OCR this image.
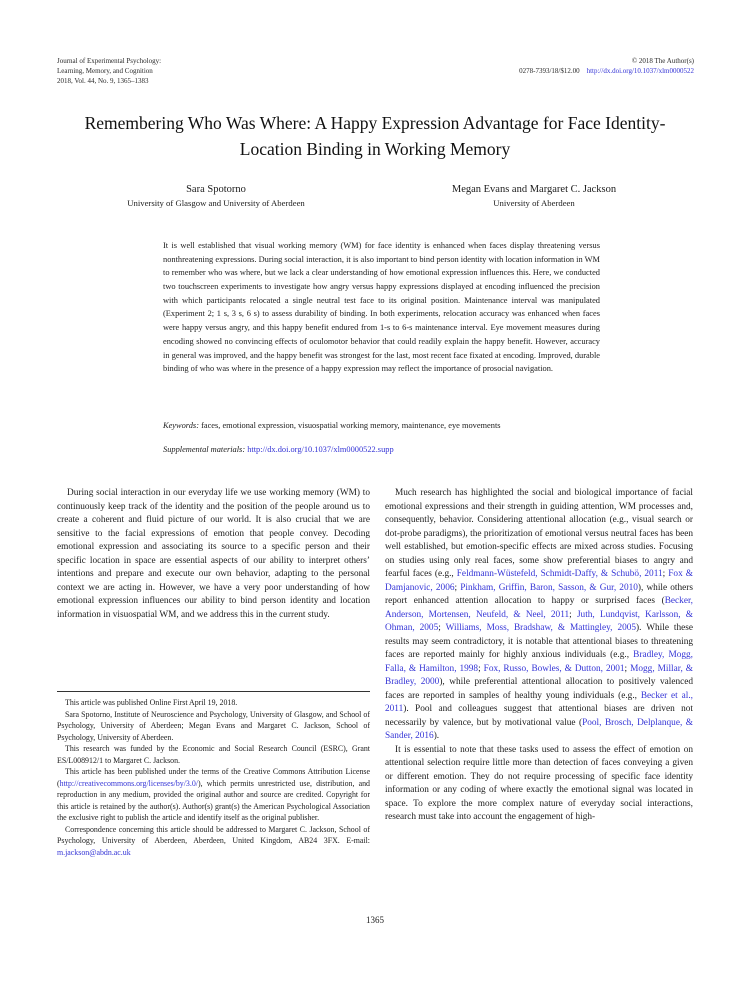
Journal of Experimental Psychology:
Learning, Memory, and Cognition
2018, Vol. 44, No. 9, 1365–1383
© 2018 The Author(s)
0278-7393/18/$12.00 http://dx.doi.org/10.1037/xlm0000522
Remembering Who Was Where: A Happy Expression Advantage for Face Identity-Location Binding in Working Memory
Sara Spotorno
University of Glasgow and University of Aberdeen
Megan Evans and Margaret C. Jackson
University of Aberdeen
It is well established that visual working memory (WM) for face identity is enhanced when faces display threatening versus nonthreatening expressions. During social interaction, it is also important to bind person identity with location information in WM to remember who was where, but we lack a clear understanding of how emotional expression influences this. Here, we conducted two touchscreen experiments to investigate how angry versus happy expressions displayed at encoding influenced the precision with which participants relocated a single neutral test face to its original position. Maintenance interval was manipulated (Experiment 2; 1 s, 3 s, 6 s) to assess durability of binding. In both experiments, relocation accuracy was enhanced when faces were happy versus angry, and this happy benefit endured from 1-s to 6-s maintenance interval. Eye movement measures during encoding showed no convincing effects of oculomotor behavior that could readily explain the happy benefit. However, accuracy in general was improved, and the happy benefit was strongest for the last, most recent face fixated at encoding. Improved, durable binding of who was where in the presence of a happy expression may reflect the importance of prosocial navigation.
Keywords: faces, emotional expression, visuospatial working memory, maintenance, eye movements
Supplemental materials: http://dx.doi.org/10.1037/xlm0000522.supp

During social interaction in our everyday life we use working memory (WM) to continuously keep track of the identity and the position of the people around us to create a coherent and fluid picture of our world. It is also crucial that we are sensitive to the facial expressions of emotion that people convey. Decoding emotional expression and associating its source to a specific person and their specific location in space are essential aspects of our ability to interpret others’ intentions and prepare and execute our own behavior, adapting to the personal context we are acting in. However, we have a very poor understanding of how emotional expression influences our ability to bind person identity and location information in visuospatial WM, and we address this in the current study.

This article was published Online First April 19, 2018.

Sara Spotorno, Institute of Neuroscience and Psychology, University of Glasgow, and School of Psychology, University of Aberdeen; Megan Evans and Margaret C. Jackson, School of Psychology, University of Aberdeen.

This research was funded by the Economic and Social Research Council (ESRC), Grant ES/L008912/1 to Margaret C. Jackson.

This article has been published under the terms of the Creative Commons Attribution License (http://creativecommons.org/licenses/by/3.0/), which permits unrestricted use, distribution, and reproduction in any medium, provided the original author and source are credited. Copyright for this article is retained by the author(s). Author(s) grant(s) the American Psychological Association the exclusive right to publish the article and identify itself as the original publisher.

Correspondence concerning this article should be addressed to Margaret C. Jackson, School of Psychology, University of Aberdeen, Aberdeen, United Kingdom, AB24 3FX. E-mail: m.jackson@abdn.ac.uk

Much research has highlighted the social and biological importance of facial emotional expressions and their strength in guiding attention, WM processes and, consequently, behavior. Considering attentional allocation (e.g., visual search or dot-probe paradigms), the prioritization of emotional versus neutral faces has been well established, but emotion-specific effects are mixed across studies. Focusing on studies using only real faces, some show preferential biases to angry and fearful faces (e.g., Feldmann-Wüstefeld, Schmidt-Daffy, & Schubö, 2011; Fox & Damjanovic, 2006; Pinkham, Griffin, Baron, Sasson, & Gur, 2010), while others report enhanced attention allocation to happy or surprised faces (Becker, Anderson, Mortensen, Neufeld, & Neel, 2011; Juth, Lundqvist, Karlsson, & Ohman, 2005; Williams, Moss, Bradshaw, & Mattingley, 2005). While these results may seem contradictory, it is notable that attentional biases to threatening faces are reported mainly for highly anxious individuals (e.g., Bradley, Mogg, Falla, & Hamilton, 1998; Fox, Russo, Bowles, & Dutton, 2001; Mogg, Millar, & Bradley, 2000), while preferential attentional allocation to positively valenced faces are reported in samples of healthy young individuals (e.g., Becker et al., 2011). Pool and colleagues suggest that attentional biases are driven not necessarily by valence, but by motivational value (Pool, Brosch, Delplanque, & Sander, 2016).

It is essential to note that these tasks used to assess the effect of emotion on attentional selection require little more than detection of faces conveying a given or different emotion. They do not require processing of specific face identity information or any coding of where exactly the emotional signal was located in space. To explore the more complex nature of everyday social interactions, research must take into account the engagement of high-

1365
